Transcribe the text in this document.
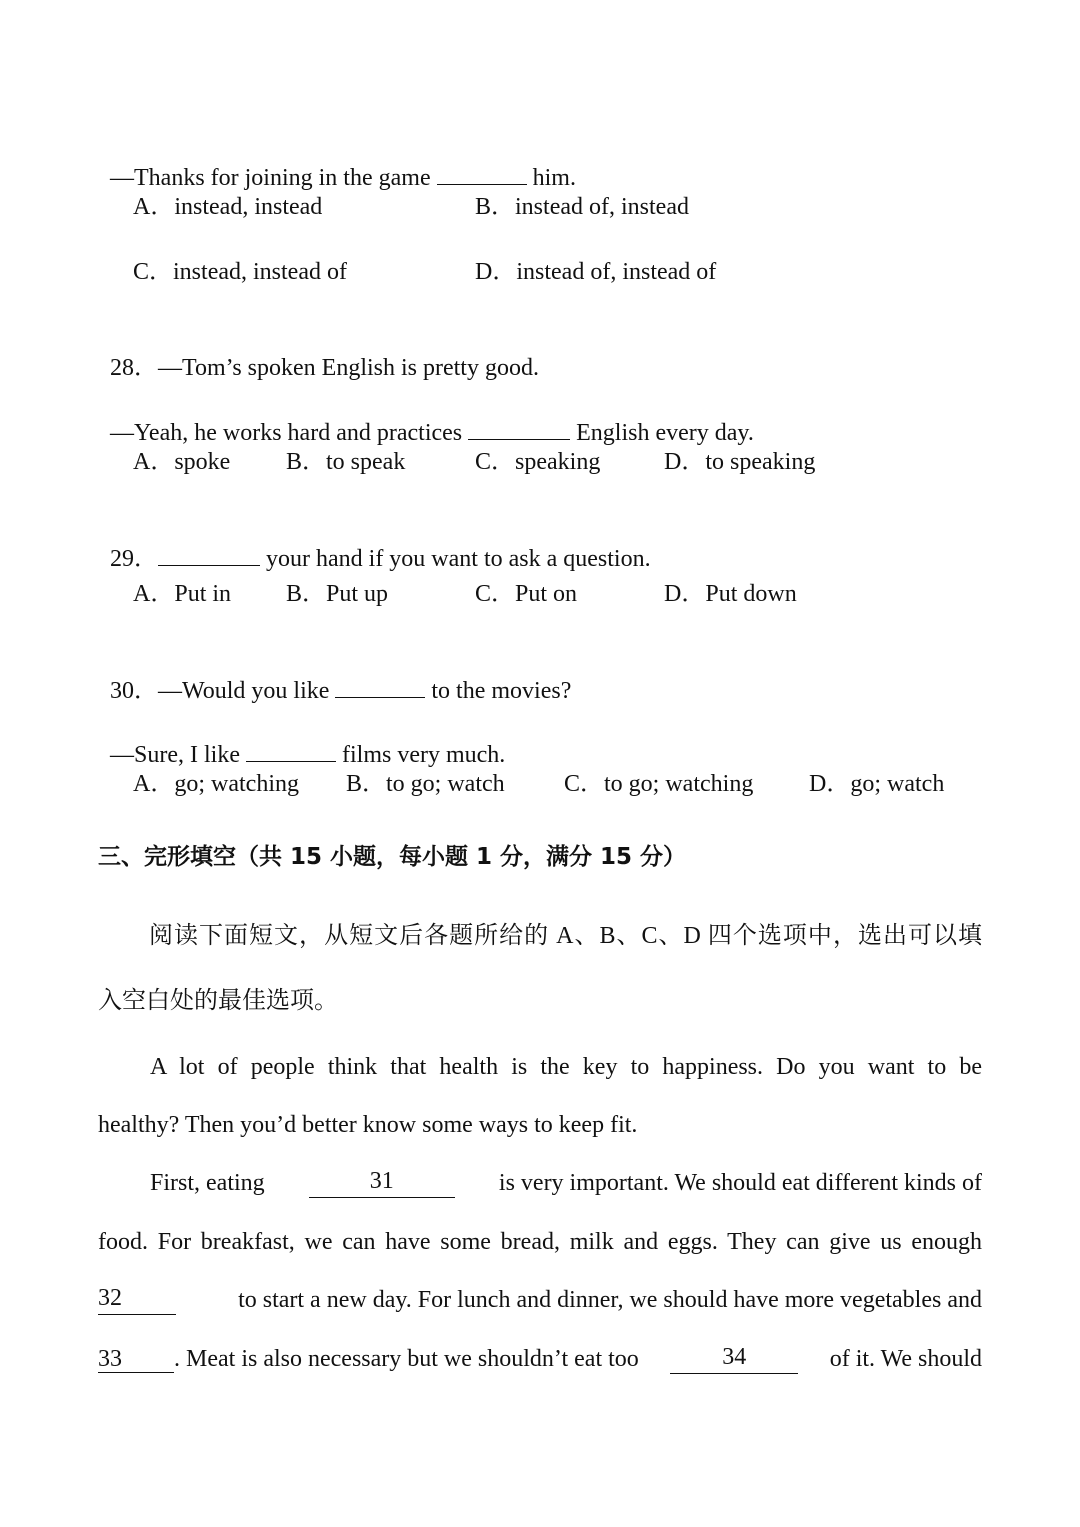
—Thanks for joining in the game	him.

A．instead, instead	B．instead of, instead
C．instead, instead of	D．instead of, instead of

28．—Tom’s spoken English is pretty good.

—Yeah, he works hard and practices	English every day.

A．spoke B．to speak	C．speaking	D．to speaking

29．	your hand if you want to ask a question.

A．Put in B．Put up	C．Put on	D．Put down

30．—Would you like	to the movies?

—Sure, I like	films very much.

A．go; watching B．to go; watch C．to go; watching D．go; watch
三、完形填空（共 15 小题，每小题 1 分，满分 15 分）
阅读下面短文，从短文后各题所给的 A、B、C、D 四个选项中，选出可以填
入空白处的最佳选项。
A lot of people think that health is the key to happiness. Do you want to be
healthy? Then you’d better know some ways to keep fit.
First, eating	31	is very important. We should eat different kinds of
food. For breakfast, we can have some bread, milk and eggs. They can give us enough
32	to start a new day. For lunch and dinner, we should have more vegetables and
33 . Meat is also necessary but we shouldn’t eat too	34	of it. We should
